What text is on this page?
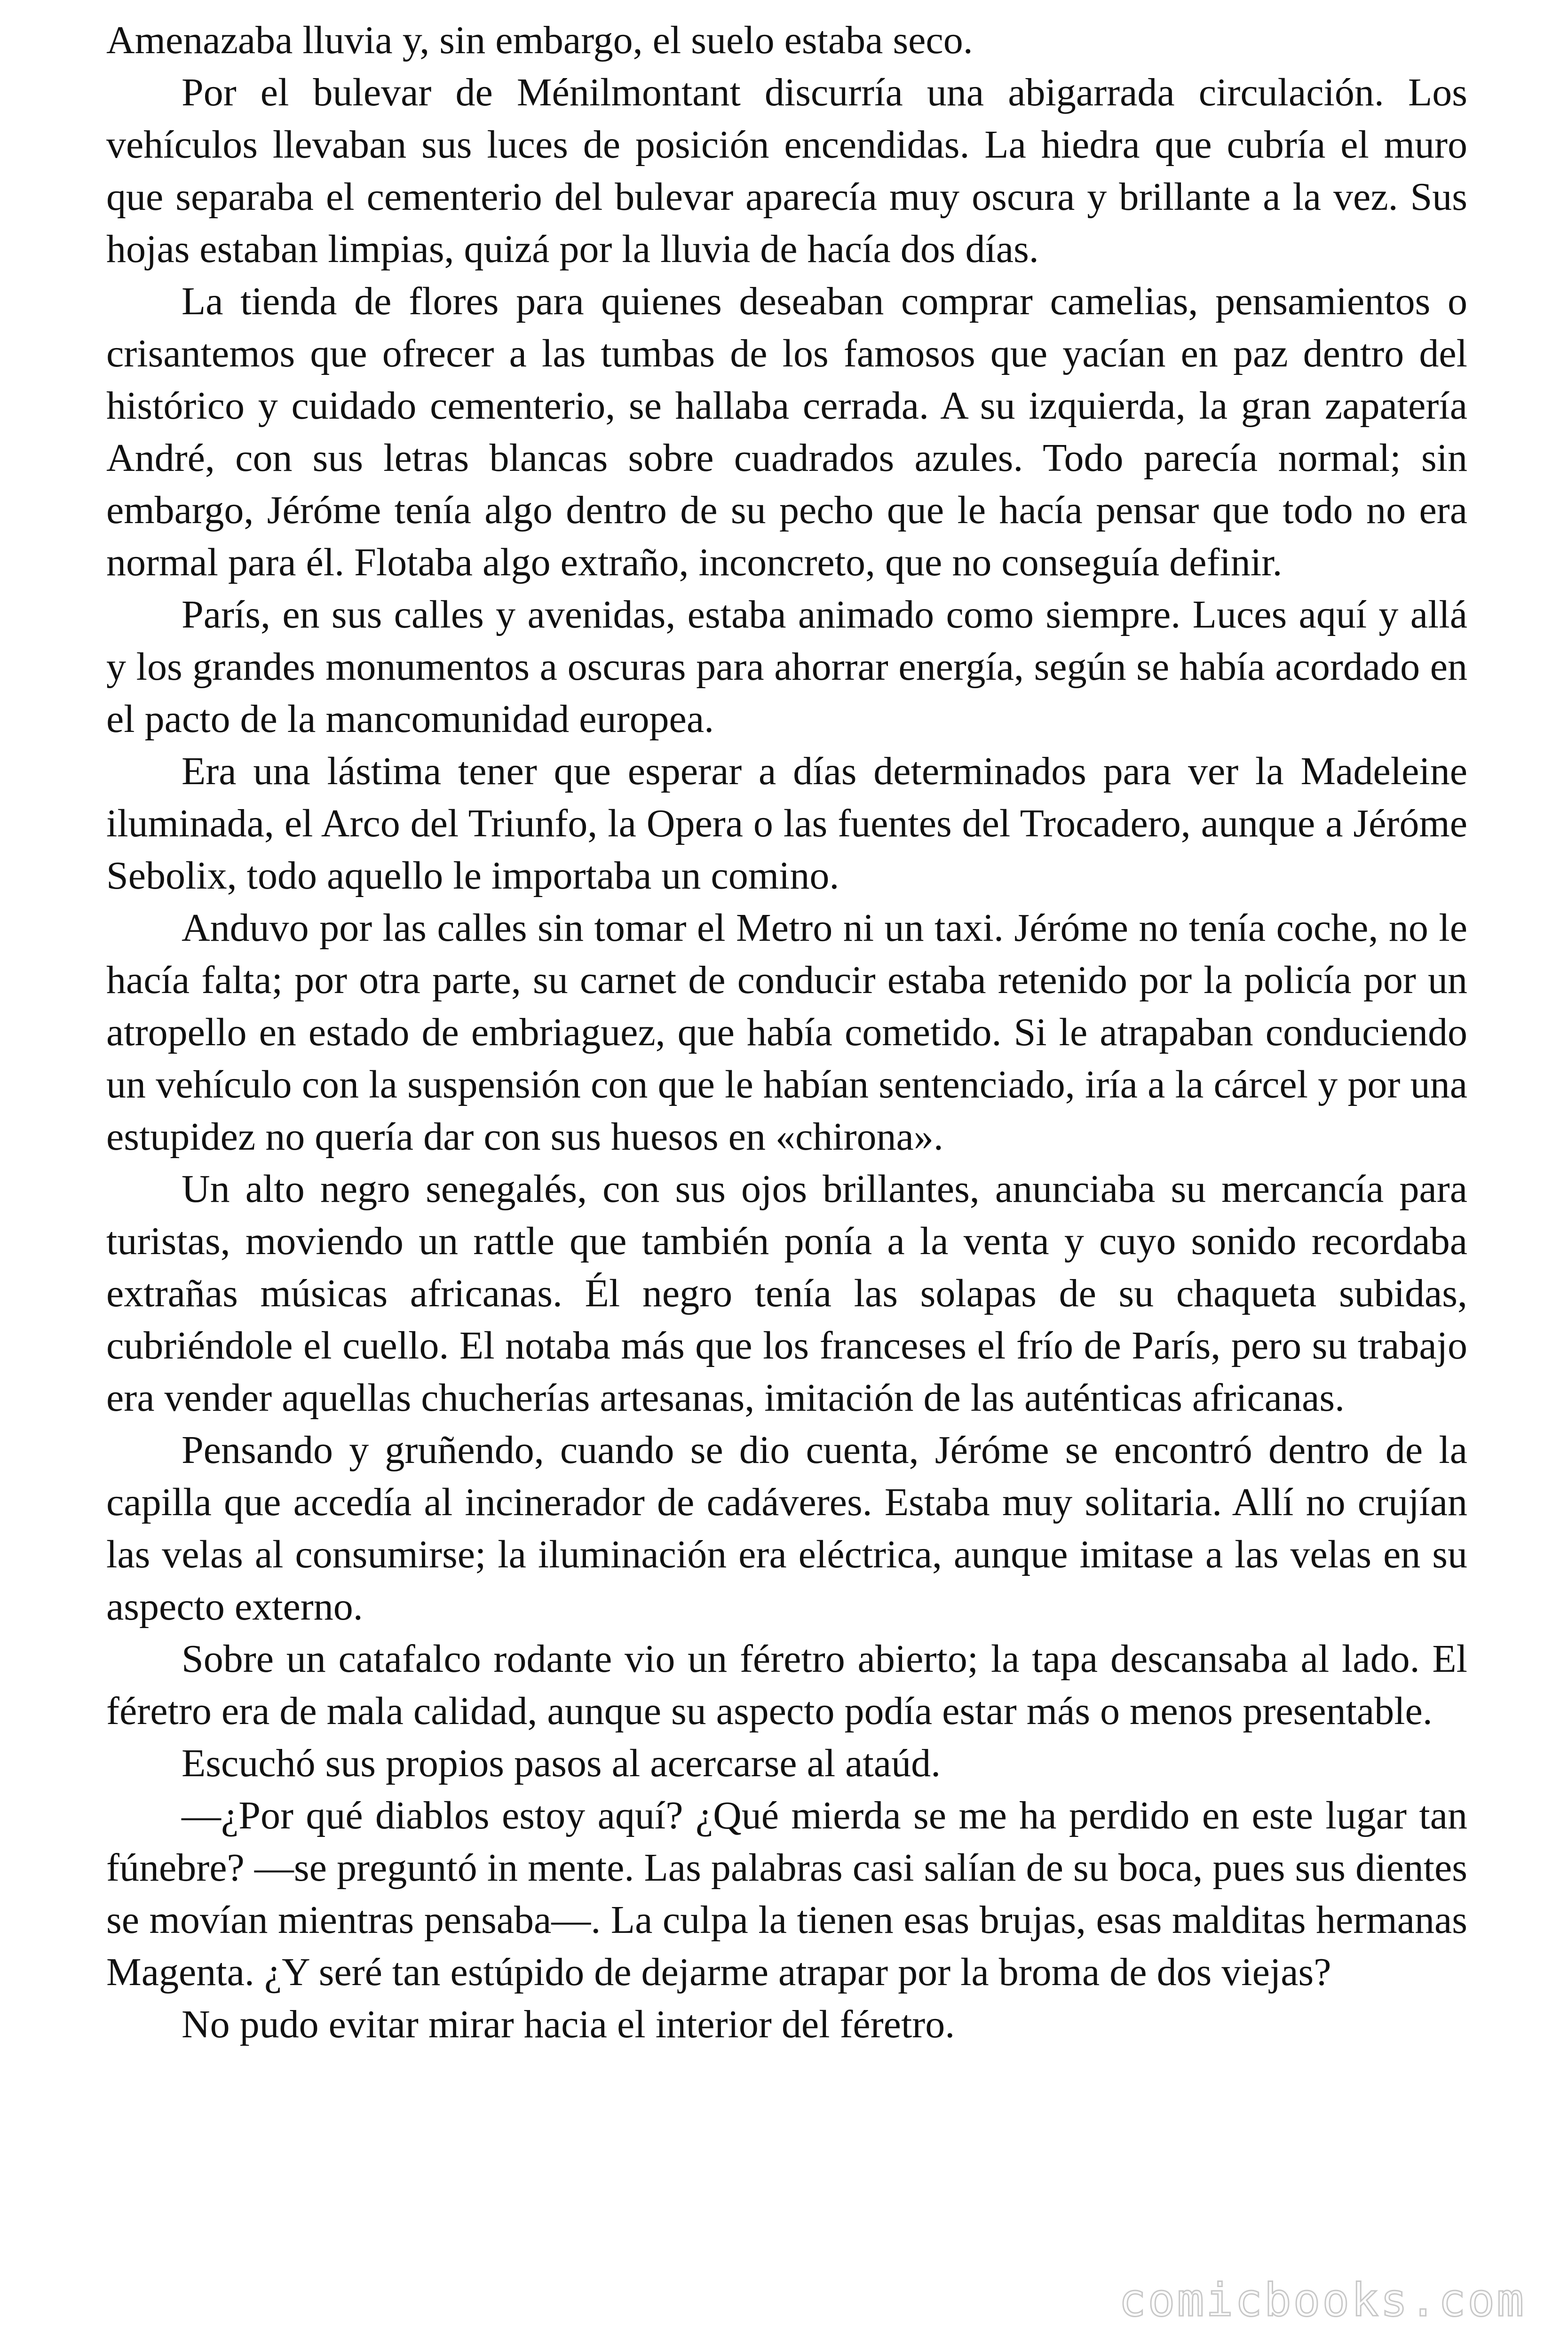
Amenazaba lluvia y, sin embargo, el suelo estaba seco.

Por el bulevar de Ménilmontant discurría una abigarrada circulación. Los vehículos llevaban sus luces de posición encendidas. La hiedra que cubría el muro que separaba el cementerio del bulevar aparecía muy oscura y brillante a la vez. Sus hojas estaban limpias, quizá por la lluvia de hacía dos días.

La tienda de flores para quienes deseaban comprar camelias, pensamientos o crisantemos que ofrecer a las tumbas de los famosos que yacían en paz dentro del histórico y cuidado cementerio, se hallaba cerrada. A su izquierda, la gran zapatería André, con sus letras blancas sobre cuadrados azules. Todo parecía normal; sin embargo, Jéróme tenía algo dentro de su pecho que le hacía pensar que todo no era normal para él. Flotaba algo extraño, inconcreto, que no conseguía definir.

París, en sus calles y avenidas, estaba animado como siempre. Luces aquí y allá y los grandes monumentos a oscuras para ahorrar energía, según se había acordado en el pacto de la mancomunidad europea.

Era una lástima tener que esperar a días determinados para ver la Madeleine iluminada, el Arco del Triunfo, la Opera o las fuentes del Trocadero, aunque a Jéróme Sebolix, todo aquello le importaba un comino.

Anduvo por las calles sin tomar el Metro ni un taxi. Jéróme no tenía coche, no le hacía falta; por otra parte, su carnet de conducir estaba retenido por la policía por un atropello en estado de embriaguez, que había cometido. Si le atrapaban conduciendo un vehículo con la suspensión con que le habían sentenciado, iría a la cárcel y por una estupidez no quería dar con sus huesos en «chirona».

Un alto negro senegalés, con sus ojos brillantes, anunciaba su mercancía para turistas, moviendo un rattle que también ponía a la venta y cuyo sonido recordaba extrañas músicas africanas. Él negro tenía las solapas de su chaqueta subidas, cubriéndole el cuello. El notaba más que los franceses el frío de París, pero su trabajo era vender aquellas chucherías artesanas, imitación de las auténticas africanas.

Pensando y gruñendo, cuando se dio cuenta, Jéróme se encontró dentro de la capilla que accedía al incinerador de cadáveres. Estaba muy solitaria. Allí no crujían las velas al consumirse; la iluminación era eléctrica, aunque imitase a las velas en su aspecto externo.

Sobre un catafalco rodante vio un féretro abierto; la tapa descansaba al lado. El féretro era de mala calidad, aunque su aspecto podía estar más o menos presentable.

Escuchó sus propios pasos al acercarse al ataúd.

—¿Por qué diablos estoy aquí? ¿Qué mierda se me ha perdido en este lugar tan fúnebre? —se preguntó in mente. Las palabras casi salían de su boca, pues sus dientes se movían mientras pensaba—. La culpa la tienen esas brujas, esas malditas hermanas Magenta. ¿Y seré tan estúpido de dejarme atrapar por la broma de dos viejas?

No pudo evitar mirar hacia el interior del féretro.

comicbooks.com
